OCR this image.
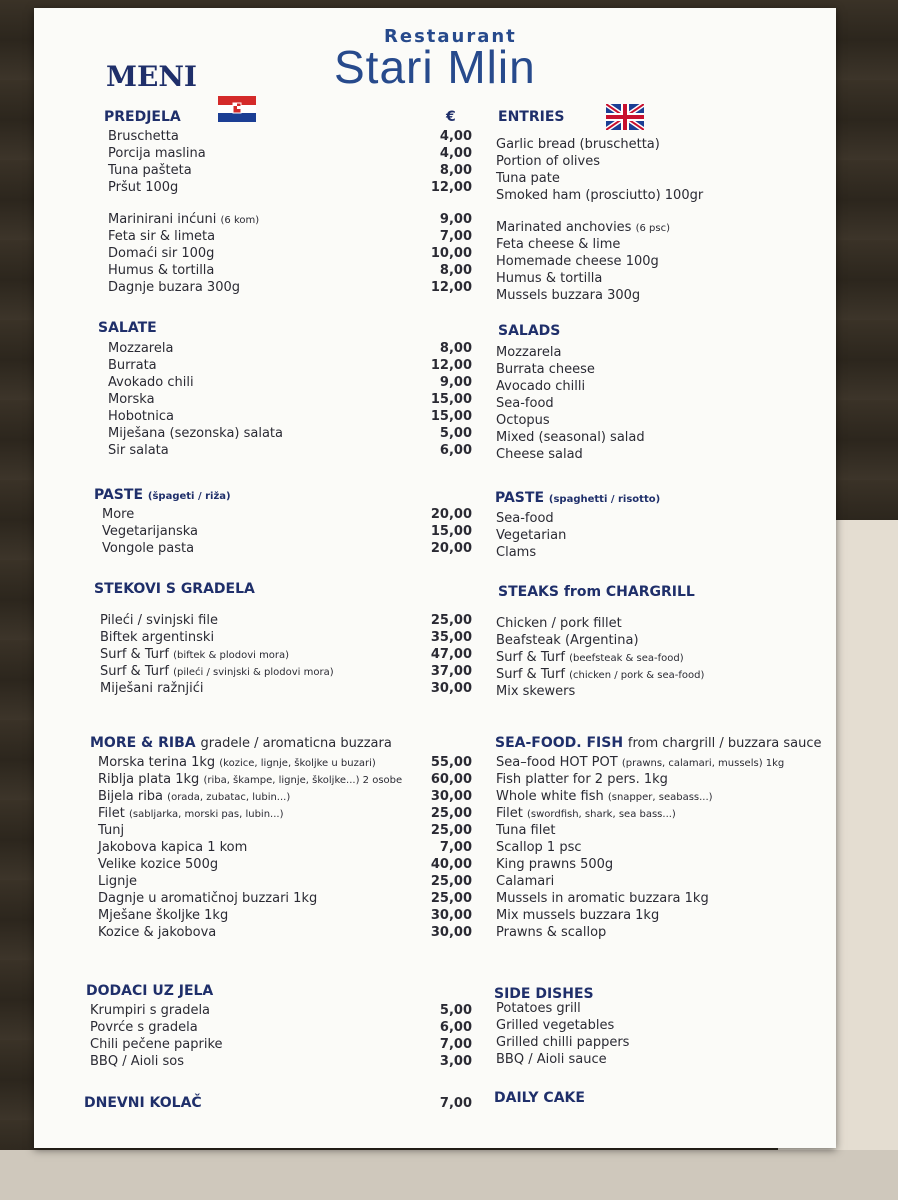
Restaurant
Stari Mlin
MENI
€
PREDJELA	ENTRIES
Bruschetta	4,00
Garlic bread (bruschetta)
Porcija maslina	4,00
Portion of olives
Tuna pašteta	8,00
Tuna pate
Pršut 100g	12,00
Smoked ham (prosciutto) 100gr
Marinirani inćuni (6 kom)	9,00
Marinated anchovies (6 psc)
Feta sir & limeta	7,00
Feta cheese & lime
Domaći sir 100g	10,00
Homemade cheese 100g
Humus & tortilla	8,00
Humus & tortilla
Dagnje buzara 300g	12,00
Mussels buzzara 300g
SALATE	SALADS
Mozzarela	8,00 Mozzarela
Burrata	12,00 Burrata cheese
Avokado chili	9,00 Avocado chilli
Morska	15,00 Sea-food
Hobotnica	15,00 Octopus
Miješana (sezonska) salata	5,00 Mixed (seasonal) salad
Sir salata	6,00 Cheese salad
PASTE (špageti / riža)	PASTE (spaghetti / risotto)
More	20,00 Sea-food
Vegetarijanska	15,00 Vegetarian
Vongole pasta	20,00 Clams
STEKOVI S GRADELA	STEAKS from CHARGRILL
Pileći / svinjski file	25,00 Chicken / pork fillet
Biftek argentinski	35,00 Beafsteak (Argentina)
Surf & Turf (biftek & plodovi mora)	47,00 Surf & Turf (beefsteak & sea-food)
Surf & Turf (pileći / svinjski & plodovi mora)	37,00 Surf & Turf (chicken / pork & sea-food)
Miješani ražnjići	30,00 Mix skewers
MORE & RIBA gradele / aromaticna buzzara	SEA-FOOD. FISH from chargrill / buzzara sauce
Morska terina 1kg (kozice, lignje, školjke u buzari)	55,00 Sea–food HOT POT (prawns, calamari, mussels) 1kg
Riblja plata 1kg (riba, škampe, lignje, školjke...) 2 osobe	60,00 Fish platter for 2 pers. 1kg
Bijela riba (orada, zubatac, lubin...)	30,00 Whole white fish (snapper, seabass...)
Filet (sabljarka, morski pas, lubin...)	25,00 Filet (swordfish, shark, sea bass...)
Tunj	25,00 Tuna filet
Jakobova kapica 1 kom	7,00 Scallop 1 psc
Velike kozice 500g	40,00 King prawns 500g
Lignje	25,00 Calamari
Dagnje u aromatičnoj buzzari 1kg	25,00 Mussels in aromatic buzzara 1kg
Mješane školjke 1kg	30,00 Mix mussels buzzara 1kg
Kozice & jakobova	30,00 Prawns & scallop
DODACI UZ JELA	SIDE DISHES
Krumpiri s gradela	5,00 Potatoes grill
Povrće s gradela	6,00 Grilled vegetables
Chili pečene paprike	7,00 Grilled chilli pappers
BBQ / Aioli sos	3,00 BBQ / Aioli sauce
DNEVNI KOLAČ	7,00 DAILY CAKE
